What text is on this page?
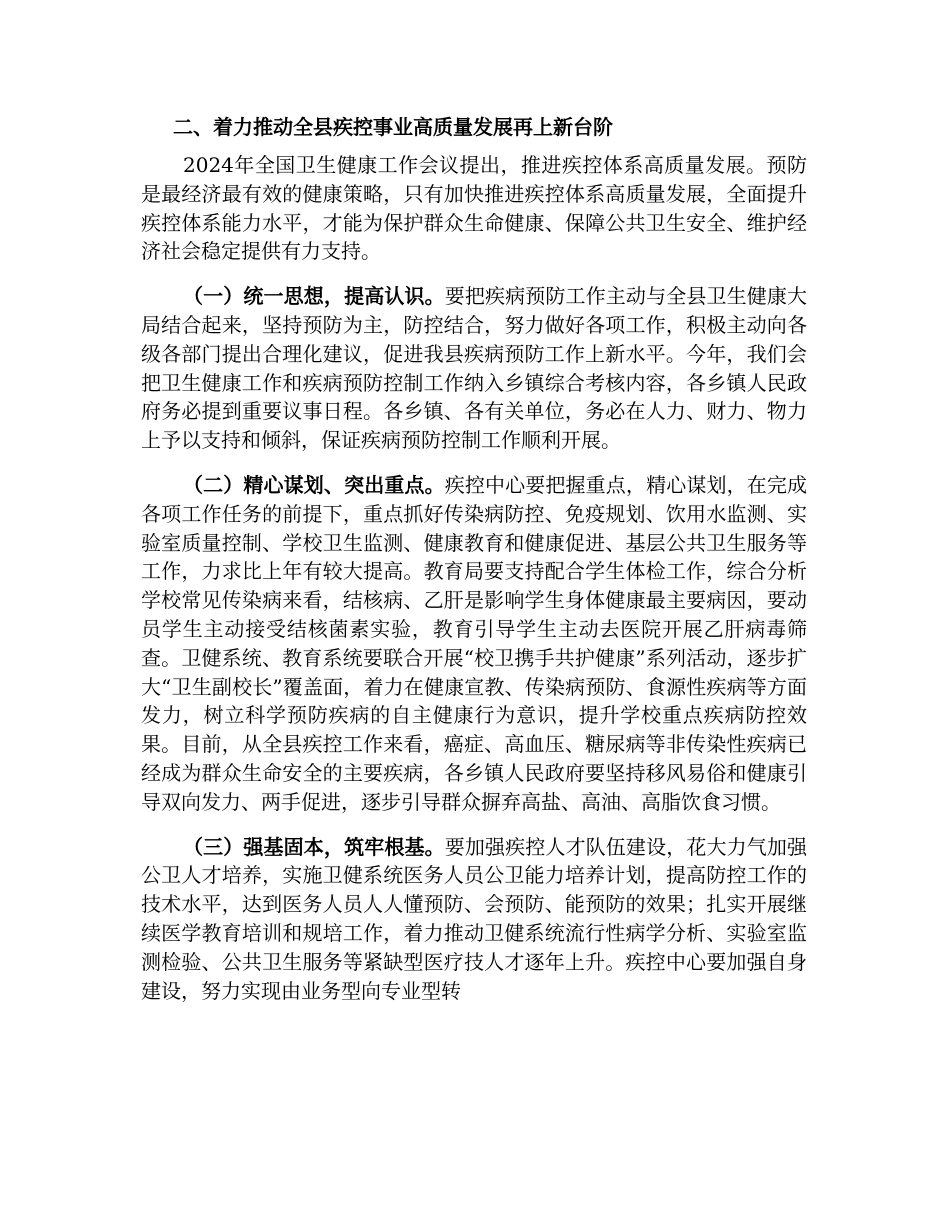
二、着力推动全县疾控事业高质量发展再上新台阶

2024年全国卫生健康工作会议提出，推进疾控体系高质量发展。预防是最经济最有效的健康策略，只有加快推进疾控体系高质量发展，全面提升疾控体系能力水平，才能为保护群众生命健康、保障公共卫生安全、维护经济社会稳定提供有力支持。

（一）统一思想，提高认识。要把疾病预防工作主动与全县卫生健康大局结合起来，坚持预防为主，防控结合，努力做好各项工作，积极主动向各级各部门提出合理化建议，促进我县疾病预防工作上新水平。今年，我们会把卫生健康工作和疾病预防控制工作纳入乡镇综合考核内容，各乡镇人民政府务必提到重要议事日程。各乡镇、各有关单位，务必在人力、财力、物力上予以支持和倾斜，保证疾病预防控制工作顺利开展。

（二）精心谋划、突出重点。疾控中心要把握重点，精心谋划，在完成各项工作任务的前提下，重点抓好传染病防控、免疫规划、饮用水监测、实验室质量控制、学校卫生监测、健康教育和健康促进、基层公共卫生服务等工作，力求比上年有较大提高。教育局要支持配合学生体检工作，综合分析学校常见传染病来看，结核病、乙肝是影响学生身体健康最主要病因，要动员学生主动接受结核菌素实验，教育引导学生主动去医院开展乙肝病毒筛查。卫健系统、教育系统要联合开展“校卫携手共护健康”系列活动，逐步扩大“卫生副校长”覆盖面，着力在健康宣教、传染病预防、食源性疾病等方面发力，树立科学预防疾病的自主健康行为意识，提升学校重点疾病防控效果。目前，从全县疾控工作来看，癌症、高血压、糖尿病等非传染性疾病已经成为群众生命安全的主要疾病，各乡镇人民政府要坚持移风易俗和健康引导双向发力、两手促进，逐步引导群众摒弃高盐、高油、高脂饮食习惯。

（三）强基固本，筑牢根基。要加强疾控人才队伍建设，花大力气加强公卫人才培养，实施卫健系统医务人员公卫能力培养计划，提高防控工作的技术水平，达到医务人员人人懂预防、会预防、能预防的效果；扎实开展继续医学教育培训和规培工作，着力推动卫健系统流行性病学分析、实验室监测检验、公共卫生服务等紧缺型医疗技人才逐年上升。疾控中心要加强自身建设，努力实现由业务型向专业型转
